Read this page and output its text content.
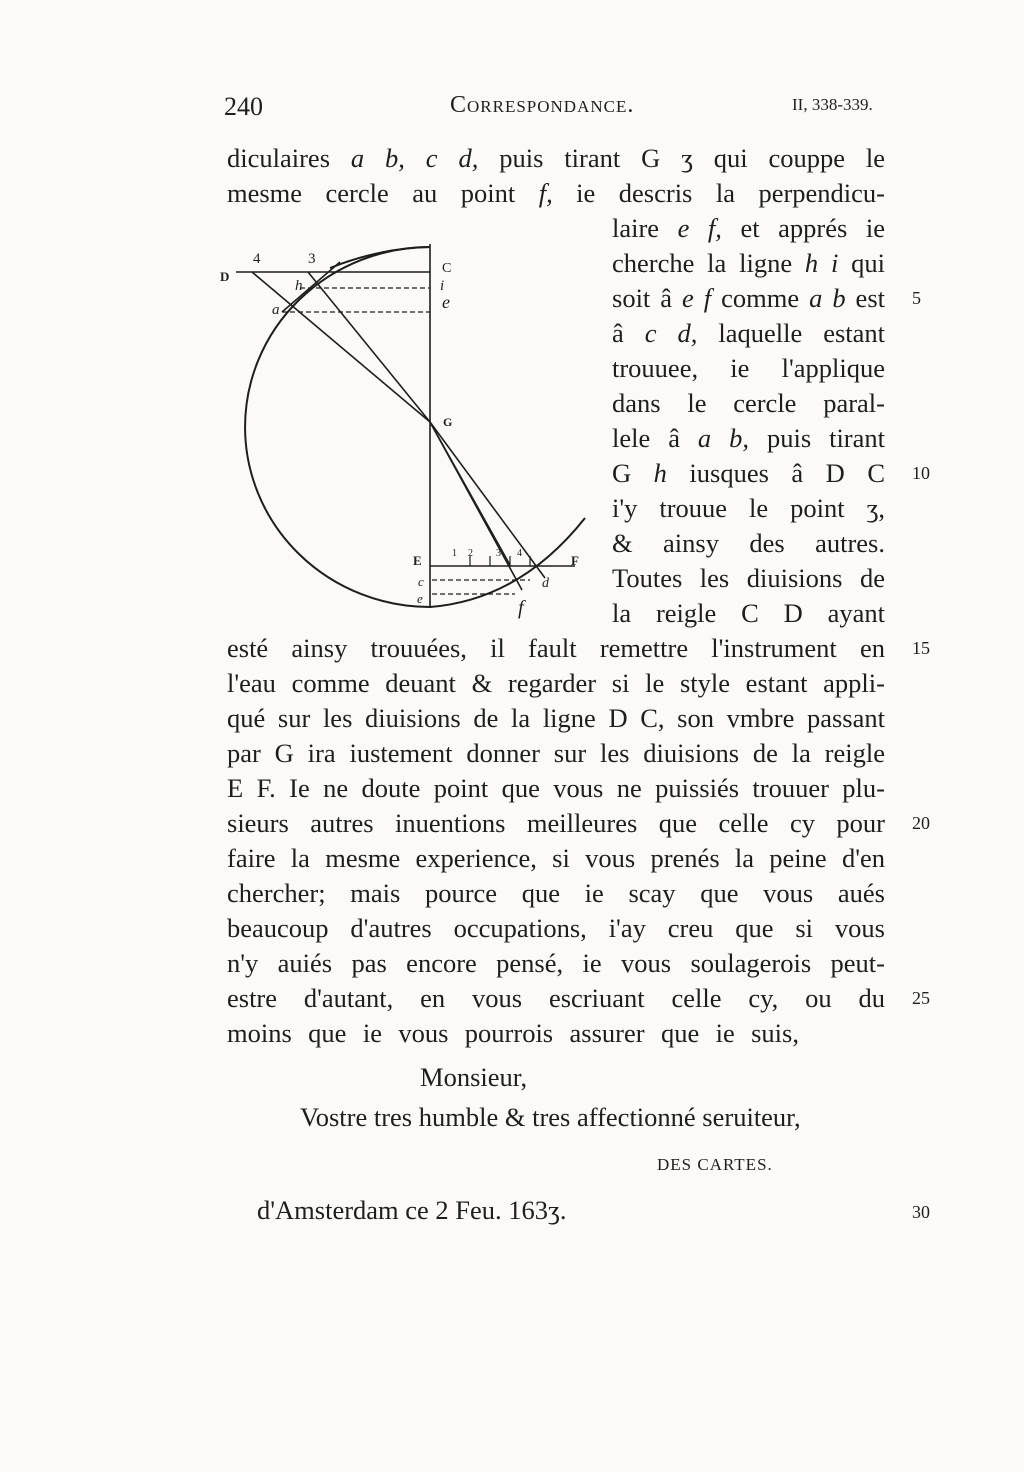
240	Correspondance.	II, 338-339.
D
4	3
C
i
e
h
a
G
E
c
e
F
d
f
1 2 3 4
diculaires a b, c d, puis tirant G ʒ qui couppe le
mesme cercle au point f, ie descris la perpendicu-
laire e f, et apprés ie
cherche la ligne h i qui
soit â e f comme a b est
â c d, laquelle estant
trouuee, ie l'applique
dans le cercle paral-
lele â a b, puis tirant
G h iusques â D C
i'y trouue le point ʒ,
& ainsy des autres.
Toutes les diuisions de
la reigle C D ayant
esté ainsy trouuées, il fault remettre l'instrument en
l'eau comme deuant & regarder si le style estant appli-
qué sur les diuisions de la ligne D C, son vmbre passant
par G ira iustement donner sur les diuisions de la reigle
E F. Ie ne doute point que vous ne puissiés trouuer plu-
sieurs autres inuentions meilleures que celle cy pour
faire la mesme experience, si vous prenés la peine d'en
chercher; mais pource que ie scay que vous aués
beaucoup d'autres occupations, i'ay creu que si vous
n'y auiés pas encore pensé, ie vous soulagerois peut-
estre d'autant, en vous escriuant celle cy, ou du
moins que ie vous pourrois assurer que ie suis,
Monsieur,
Vostre tres humble & tres affectionné seruiteur,
DES CARTES.
d'Amsterdam ce 2 Feu. 163ʒ.
5
10
15
20
25
30
